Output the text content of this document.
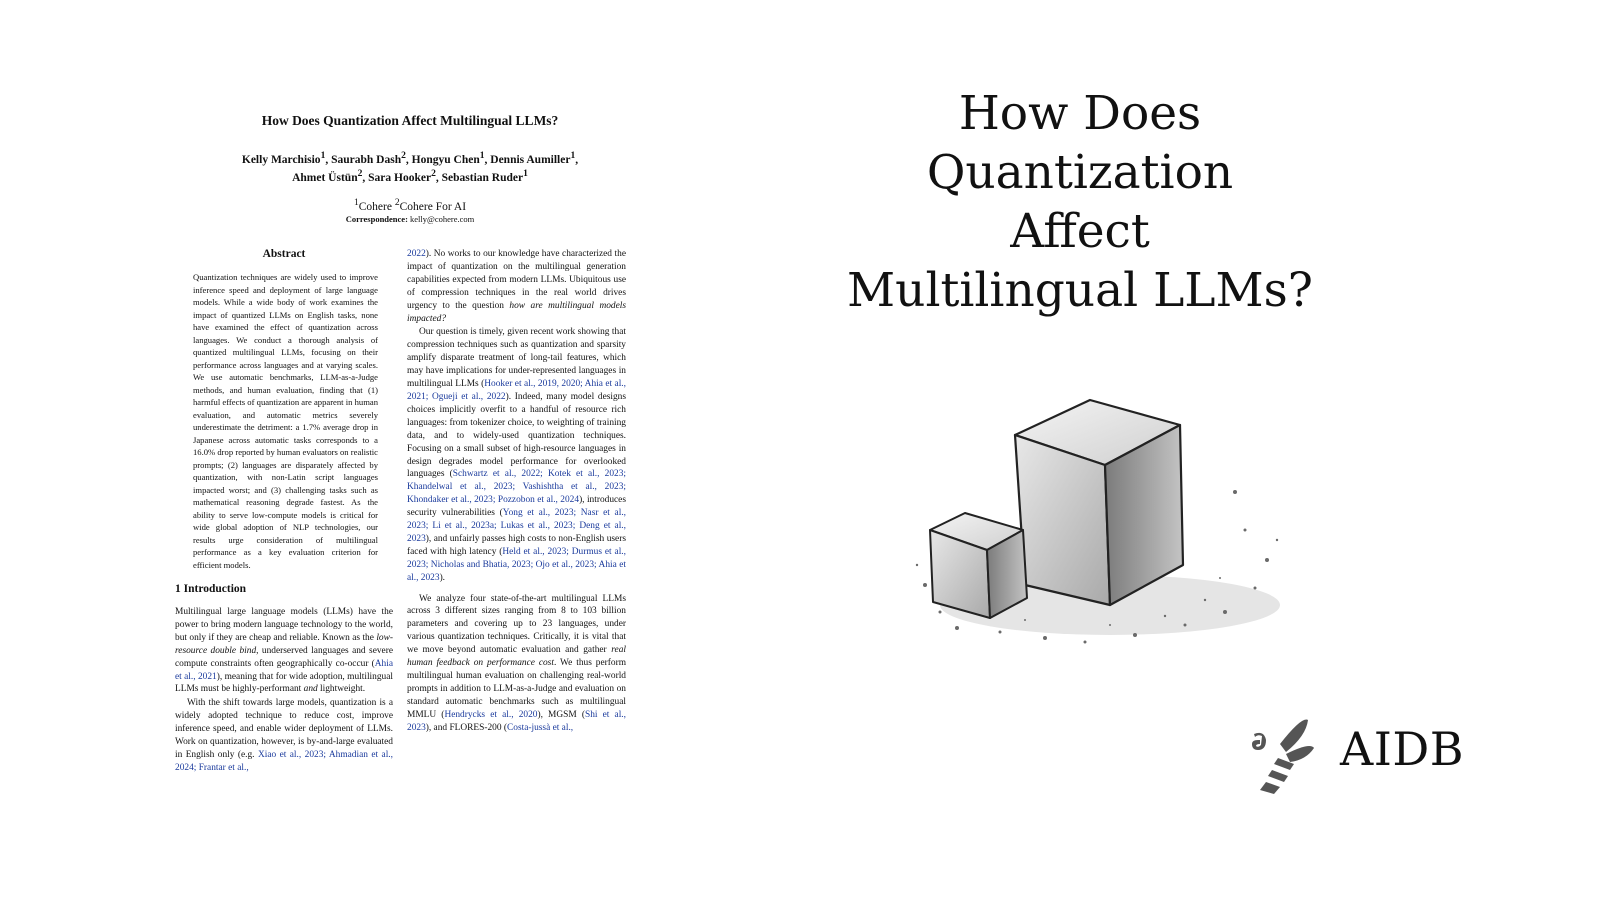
How Does Quantization Affect Multilingual LLMs?
Kelly Marchisio$^1$, Saurabh Dash$^2$, Hongyu Chen$^1$, Dennis Aumiller$^1$,
Ahmet Üstün$^2$, Sara Hooker$^2$, Sebastian Ruder$^1$
$^1$Cohere $^2$Cohere For AI
Correspondence: kelly@cohere.com
Abstract
Quantization techniques are widely used to improve inference speed and deployment of large language models. While a wide body of work examines the impact of quantized LLMs on English tasks, none have examined the effect of quantization across languages. We conduct a thorough analysis of quantized multilingual LLMs, focusing on their performance across languages and at varying scales. We use automatic benchmarks, LLM-as-a-Judge methods, and human evaluation, finding that (1) harmful effects of quantization are apparent in human evaluation, and automatic metrics severely underestimate the detriment: a 1.7% average drop in Japanese across automatic tasks corresponds to a 16.0% drop reported by human evaluators on realistic prompts; (2) languages are disparately affected by quantization, with non-Latin script languages impacted worst; and (3) challenging tasks such as mathematical reasoning degrade fastest. As the ability to serve low-compute models is critical for wide global adoption of NLP technologies, our results urge consideration of multilingual performance as a key evaluation criterion for efficient models.
1 Introduction

Multilingual large language models (LLMs) have the power to bring modern language technology to the world, but only if they are cheap and reliable. Known as the low-resource double bind, underserved languages and severe compute constraints often geographically co-occur (Ahia et al., 2021), meaning that for wide adoption, multilingual LLMs must be highly-performant and lightweight.

With the shift towards large models, quantization is a widely adopted technique to reduce cost, improve inference speed, and enable wider deployment of LLMs. Work on quantization, however, is by-and-large evaluated in English only (e.g. Xiao et al., 2023; Ahmadian et al., 2024; Frantar et al.,

2022). No works to our knowledge have characterized the impact of quantization on the multilingual generation capabilities expected from modern LLMs. Ubiquitous use of compression techniques in the real world drives urgency to the question how are multilingual models impacted?

Our question is timely, given recent work showing that compression techniques such as quantization and sparsity amplify disparate treatment of long-tail features, which may have implications for under-represented languages in multilingual LLMs (Hooker et al., 2019, 2020; Ahia et al., 2021; Ogueji et al., 2022). Indeed, many model designs choices implicitly overfit to a handful of resource rich languages: from tokenizer choice, to weighting of training data, and to widely-used quantization techniques. Focusing on a small subset of high-resource languages in design degrades model performance for overlooked languages (Schwartz et al., 2022; Kotek et al., 2023; Khandelwal et al., 2023; Vashishtha et al., 2023; Khondaker et al., 2023; Pozzobon et al., 2024), introduces security vulnerabilities (Yong et al., 2023; Nasr et al., 2023; Li et al., 2023a; Lukas et al., 2023; Deng et al., 2023), and unfairly passes high costs to non-English users faced with high latency (Held et al., 2023; Durmus et al., 2023; Nicholas and Bhatia, 2023; Ojo et al., 2023; Ahia et al., 2023).

We analyze four state-of-the-art multilingual LLMs across 3 different sizes ranging from 8 to 103 billion parameters and covering up to 23 languages, under various quantization techniques. Critically, it is vital that we move beyond automatic evaluation and gather real human feedback on performance cost. We thus perform multilingual human evaluation on challenging real-world prompts in addition to LLM-as-a-Judge and evaluation on standard automatic benchmarks such as multilingual MMLU (Hendrycks et al., 2020), MGSM (Shi et al., 2023), and FLORES-200 (Costa-jussà et al.,

How Does
Quantization
Affect
Multilingual LLMs?
AIDB
